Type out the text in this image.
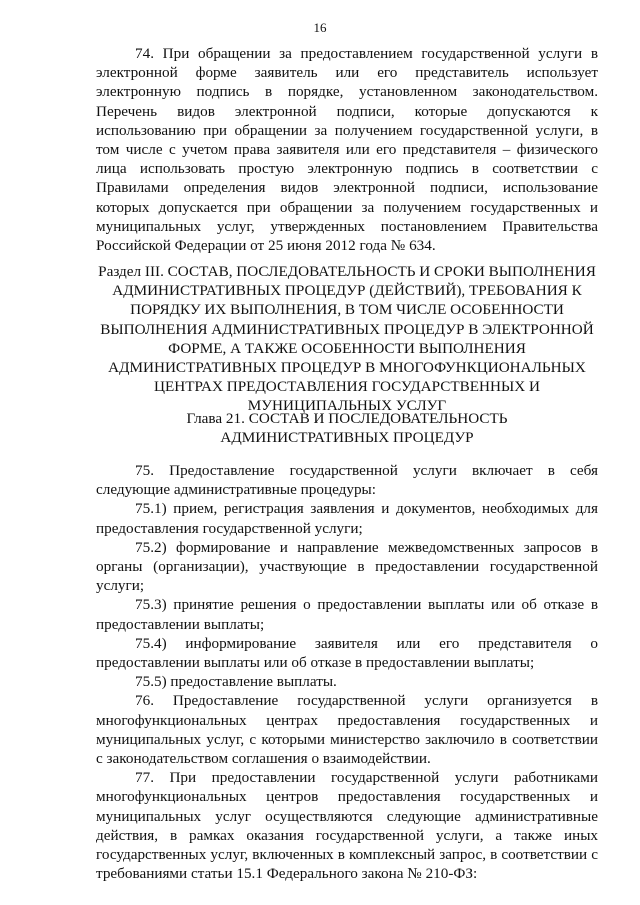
16

74. При обращении за предоставлением государственной услуги в электронной форме заявитель или его представитель использует электронную подпись в порядке, установленном законодательством. Перечень видов электронной подписи, которые допускаются к использованию при обращении за получением государственной услуги, в том числе с учетом права заявителя или его представителя – физического лица использовать простую электронную подпись в соответствии с Правилами определения видов электронной подписи, использование которых допускается при обращении за получением государственных и муниципальных услуг, утвержденных постановлением Правительства Российской Федерации от 25 июня 2012 года № 634.

Раздел III. СОСТАВ, ПОСЛЕДОВАТЕЛЬНОСТЬ И СРОКИ ВЫПОЛНЕНИЯ АДМИНИСТРАТИВНЫХ ПРОЦЕДУР (ДЕЙСТВИЙ), ТРЕБОВАНИЯ К ПОРЯДКУ ИХ ВЫПОЛНЕНИЯ, В ТОМ ЧИСЛЕ ОСОБЕННОСТИ ВЫПОЛНЕНИЯ АДМИНИСТРАТИВНЫХ ПРОЦЕДУР В ЭЛЕКТРОННОЙ ФОРМЕ, А ТАКЖЕ ОСОБЕННОСТИ ВЫПОЛНЕНИЯ АДМИНИСТРАТИВНЫХ ПРОЦЕДУР В МНОГОФУНКЦИОНАЛЬНЫХ ЦЕНТРАХ ПРЕДОСТАВЛЕНИЯ ГОСУДАРСТВЕННЫХ И МУНИЦИПАЛЬНЫХ УСЛУГ

Глава 21. СОСТАВ И ПОСЛЕДОВАТЕЛЬНОСТЬ АДМИНИСТРАТИВНЫХ ПРОЦЕДУР

75. Предоставление государственной услуги включает в себя следующие административные процедуры:

75.1) прием, регистрация заявления и документов, необходимых для предоставления государственной услуги;

75.2) формирование и направление межведомственных запросов в органы (организации), участвующие в предоставлении государственной услуги;

75.3) принятие решения о предоставлении выплаты или об отказе в предоставлении выплаты;

75.4) информирование заявителя или его представителя о предоставлении выплаты или об отказе в предоставлении выплаты;

75.5) предоставление выплаты.

76. Предоставление государственной услуги организуется в многофункциональных центрах предоставления государственных и муниципальных услуг, с которыми министерство заключило в соответствии с законодательством соглашения о взаимодействии.

77. При предоставлении государственной услуги работниками многофункциональных центров предоставления государственных и муниципальных услуг осуществляются следующие административные действия, в рамках оказания государственной услуги, а также иных государственных услуг, включенных в комплексный запрос, в соответствии с требованиями статьи 15.1 Федерального закона № 210-ФЗ:
